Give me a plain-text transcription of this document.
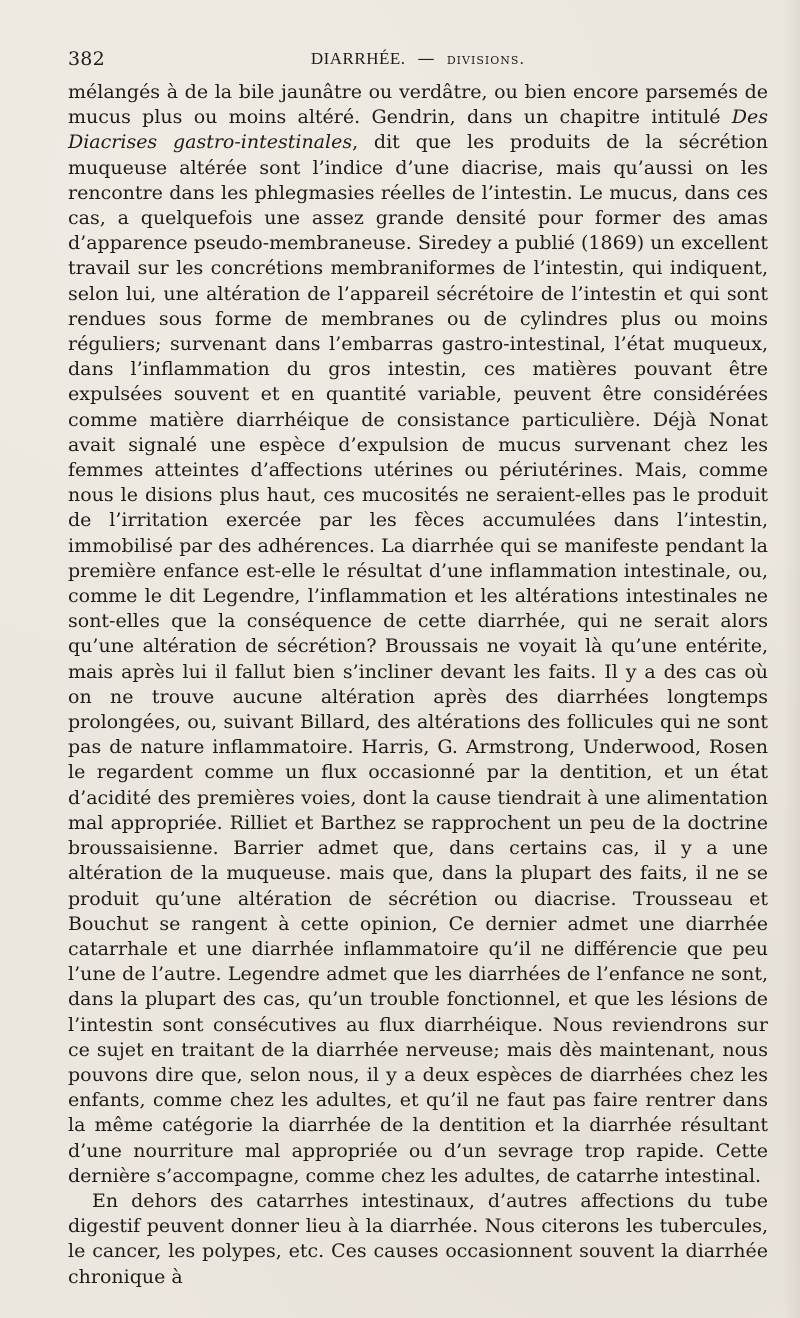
382	DIARRHÉE. — divisions.

mélangés à de la bile jaunâtre ou verdâtre, ou bien encore parsemés de mucus plus ou moins altéré. Gendrin, dans un chapitre intitulé Des Diacrises gastro-intestinales, dit que les produits de la sécrétion muqueuse altérée sont l’indice d’une diacrise, mais qu’aussi on les rencontre dans les phlegmasies réelles de l’intestin. Le mucus, dans ces cas, a quelquefois une assez grande densité pour former des amas d’apparence pseudo-membraneuse. Siredey a publié (1869) un excellent travail sur les concrétions membraniformes de l’intestin, qui indiquent, selon lui, une altération de l’appareil sécrétoire de l’intestin et qui sont rendues sous forme de membranes ou de cylindres plus ou moins réguliers; survenant dans l’embarras gastro-intestinal, l’état muqueux, dans l’inflammation du gros intestin, ces matières pouvant être expulsées souvent et en quantité variable, peuvent être considérées comme matière diarrhéique de consistance particulière. Déjà Nonat avait signalé une espèce d’expulsion de mucus survenant chez les femmes atteintes d’affections utérines ou périutérines. Mais, comme nous le disions plus haut, ces mucosités ne seraient-elles pas le produit de l’irritation exercée par les fèces accumulées dans l’intestin, immobilisé par des adhérences. La diarrhée qui se manifeste pendant la première enfance est-elle le résultat d’une inflammation intestinale, ou, comme le dit Legendre, l’inflammation et les altérations intestinales ne sont-elles que la conséquence de cette diarrhée, qui ne serait alors qu’une altération de sécrétion? Broussais ne voyait là qu’une entérite, mais après lui il fallut bien s’incliner devant les faits. Il y a des cas où on ne trouve aucune altération après des diarrhées longtemps prolongées, ou, suivant Billard, des altérations des follicules qui ne sont pas de nature inflammatoire. Harris, G. Armstrong, Underwood, Rosen le regardent comme un flux occasionné par la dentition, et un état d’acidité des premières voies, dont la cause tiendrait à une alimentation mal appropriée. Rilliet et Barthez se rapprochent un peu de la doctrine broussaisienne. Barrier admet que, dans certains cas, il y a une altération de la muqueuse. mais que, dans la plupart des faits, il ne se produit qu’une altération de sécrétion ou diacrise. Trousseau et Bouchut se rangent à cette opinion, Ce dernier admet une diarrhée catarrhale et une diarrhée inflammatoire qu’il ne différencie que peu l’une de l’autre. Legendre admet que les diarrhées de l’enfance ne sont, dans la plupart des cas, qu’un trouble fonctionnel, et que les lésions de l’intestin sont consécutives au flux diarrhéique. Nous reviendrons sur ce sujet en traitant de la diarrhée nerveuse; mais dès maintenant, nous pouvons dire que, selon nous, il y a deux espèces de diarrhées chez les enfants, comme chez les adultes, et qu’il ne faut pas faire rentrer dans la même catégorie la diarrhée de la dentition et la diarrhée résultant d’une nourriture mal appropriée ou d’un sevrage trop rapide. Cette dernière s’accompagne, comme chez les adultes, de catarrhe intestinal.

En dehors des catarrhes intestinaux, d’autres affections du tube digestif peuvent donner lieu à la diarrhée. Nous citerons les tubercules, le cancer, les polypes, etc. Ces causes occasionnent souvent la diarrhée chronique à
